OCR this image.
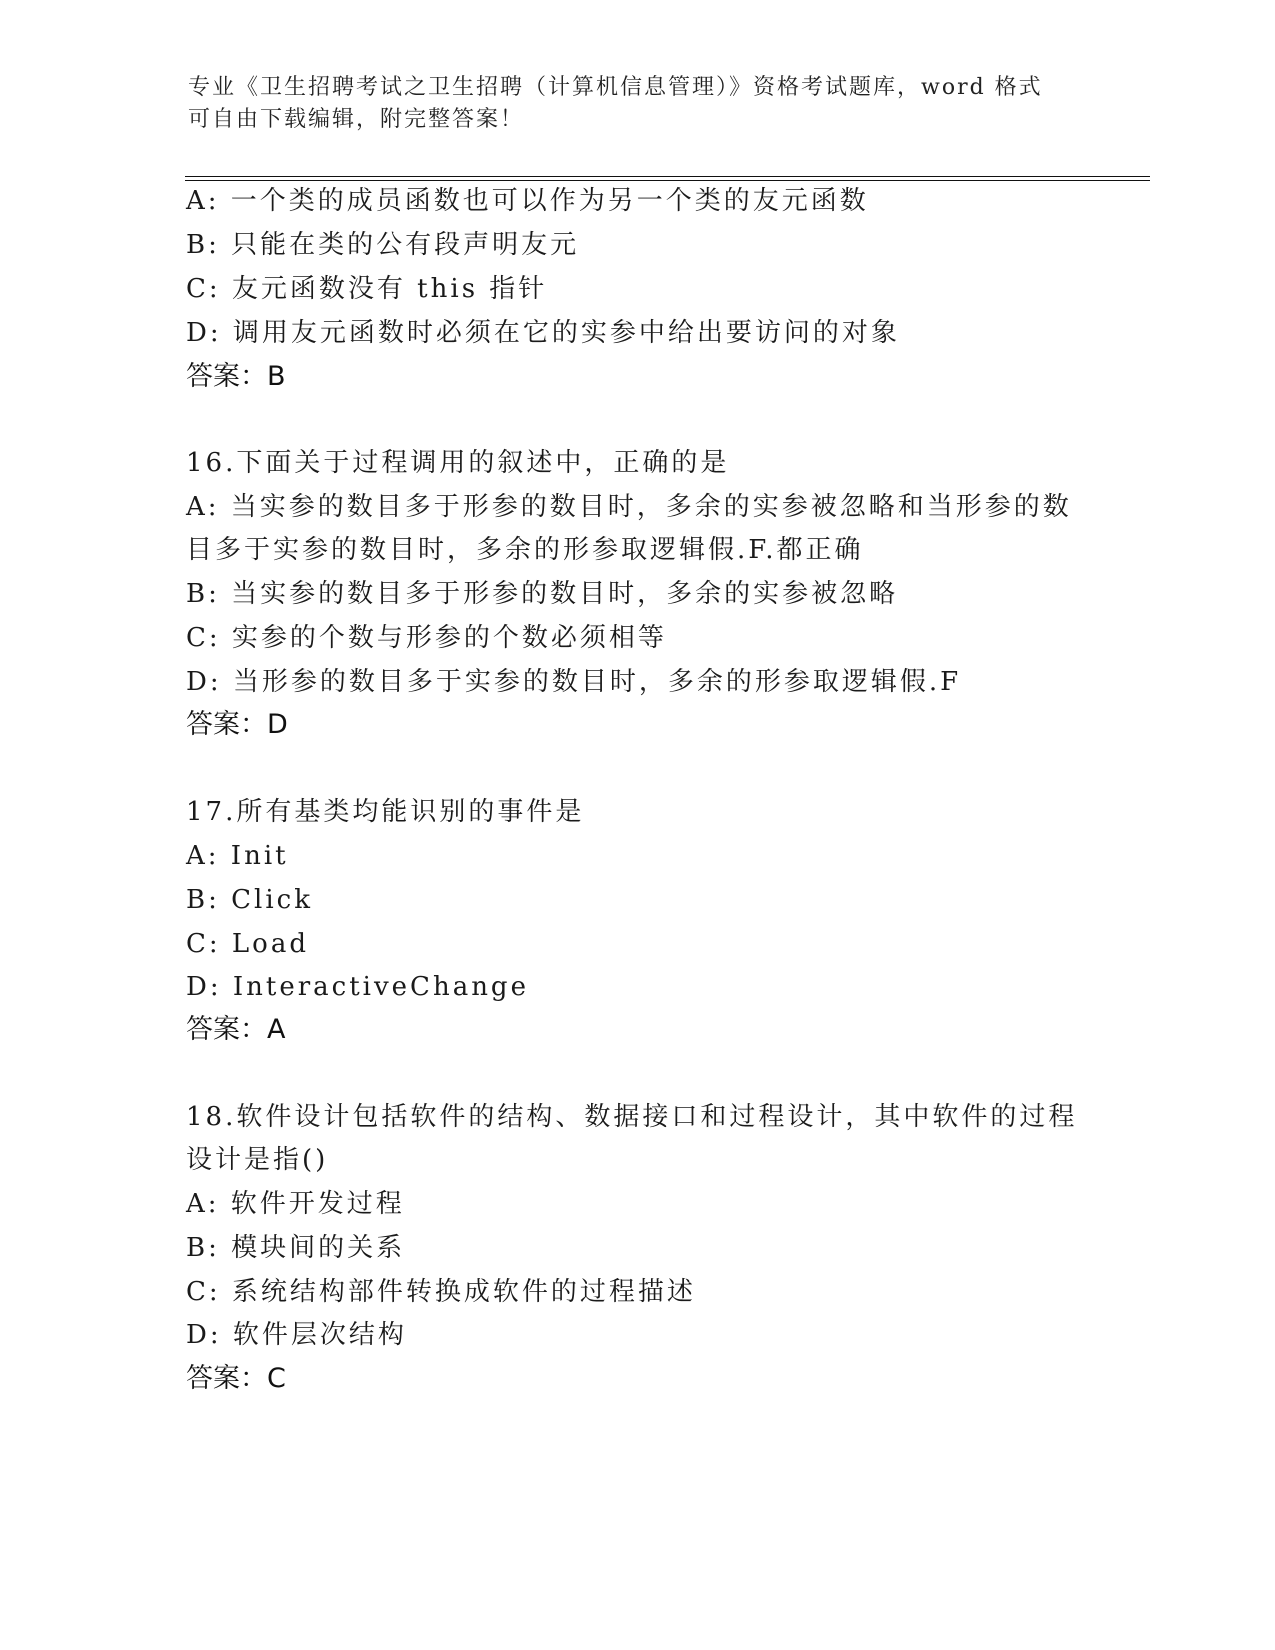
专业《卫生招聘考试之卫生招聘（计算机信息管理）》资格考试题库，word 格式
可自由下载编辑，附完整答案！
A: 一个类的成员函数也可以作为另一个类的友元函数
B: 只能在类的公有段声明友元
C: 友元函数没有 this 指针
D: 调用友元函数时必须在它的实参中给出要访问的对象
答案：B
16.下面关于过程调用的叙述中，正确的是
A: 当实参的数目多于形参的数目时，多余的实参被忽略和当形参的数
目多于实参的数目时，多余的形参取逻辑假.F.都正确
B: 当实参的数目多于形参的数目时，多余的实参被忽略
C: 实参的个数与形参的个数必须相等
D: 当形参的数目多于实参的数目时，多余的形参取逻辑假.F
答案：D
17.所有基类均能识别的事件是
A: Init
B: Click
C: Load
D: InteractiveChange
答案：A
18.软件设计包括软件的结构、数据接口和过程设计，其中软件的过程
设计是指()
A: 软件开发过程
B: 模块间的关系
C: 系统结构部件转换成软件的过程描述
D: 软件层次结构
答案：C
